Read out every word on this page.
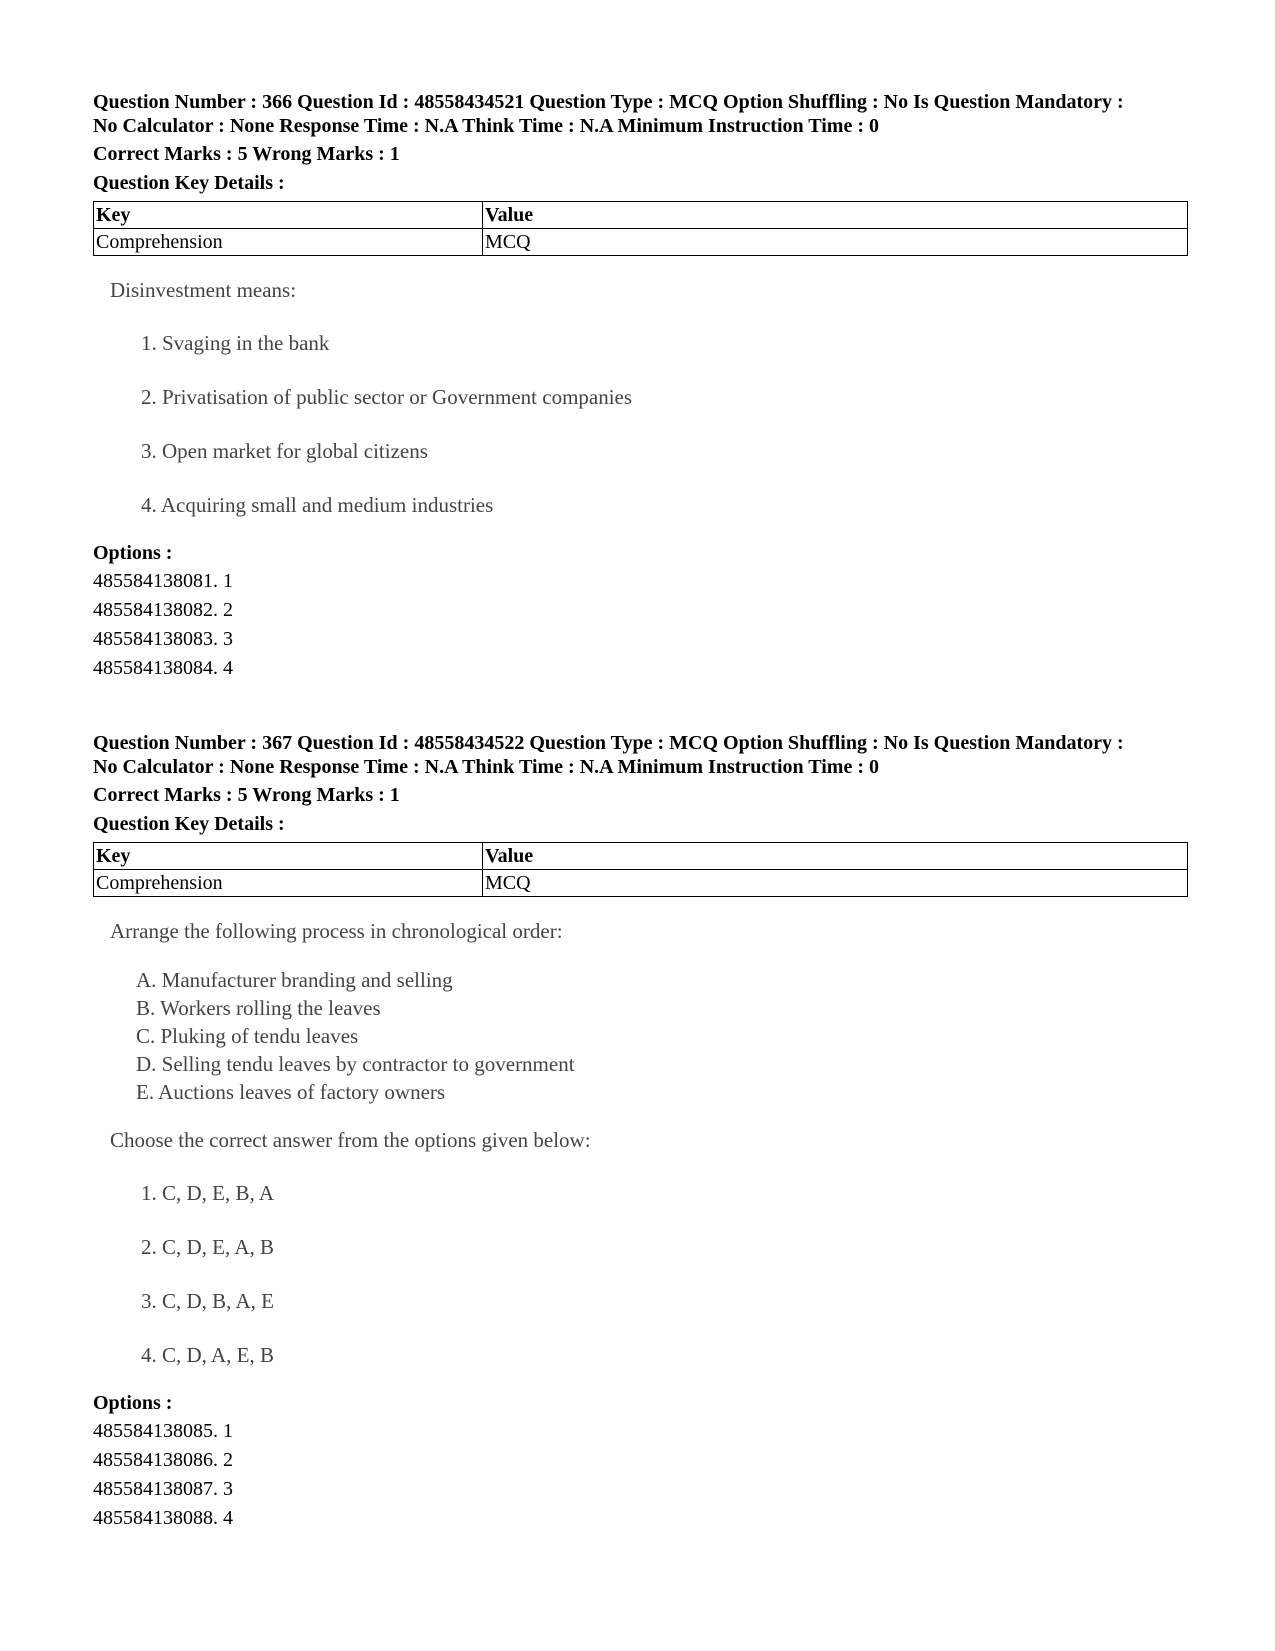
Question Number : 366 Question Id : 48558434521 Question Type : MCQ Option Shuffling : No Is Question Mandatory :
No Calculator : None Response Time : N.A Think Time : N.A Minimum Instruction Time : 0
Correct Marks : 5 Wrong Marks : 1
Question Key Details :
Key	Value
Comprehension	MCQ
Disinvestment means:
1. Svaging in the bank
2. Privatisation of public sector or Government companies
3. Open market for global citizens
4. Acquiring small and medium industries
Options :
485584138081. 1
485584138082. 2
485584138083. 3
485584138084. 4
Question Number : 367 Question Id : 48558434522 Question Type : MCQ Option Shuffling : No Is Question Mandatory :
No Calculator : None Response Time : N.A Think Time : N.A Minimum Instruction Time : 0
Correct Marks : 5 Wrong Marks : 1
Question Key Details :
Key	Value
Comprehension	MCQ
Arrange the following process in chronological order:
A. Manufacturer branding and selling
B. Workers rolling the leaves
C. Pluking of tendu leaves
D. Selling tendu leaves by contractor to government
E. Auctions leaves of factory owners
Choose the correct answer from the options given below:
1. C, D, E, B, A
2. C, D, E, A, B
3. C, D, B, A, E
4. C, D, A, E, B
Options :
485584138085. 1
485584138086. 2
485584138087. 3
485584138088. 4
